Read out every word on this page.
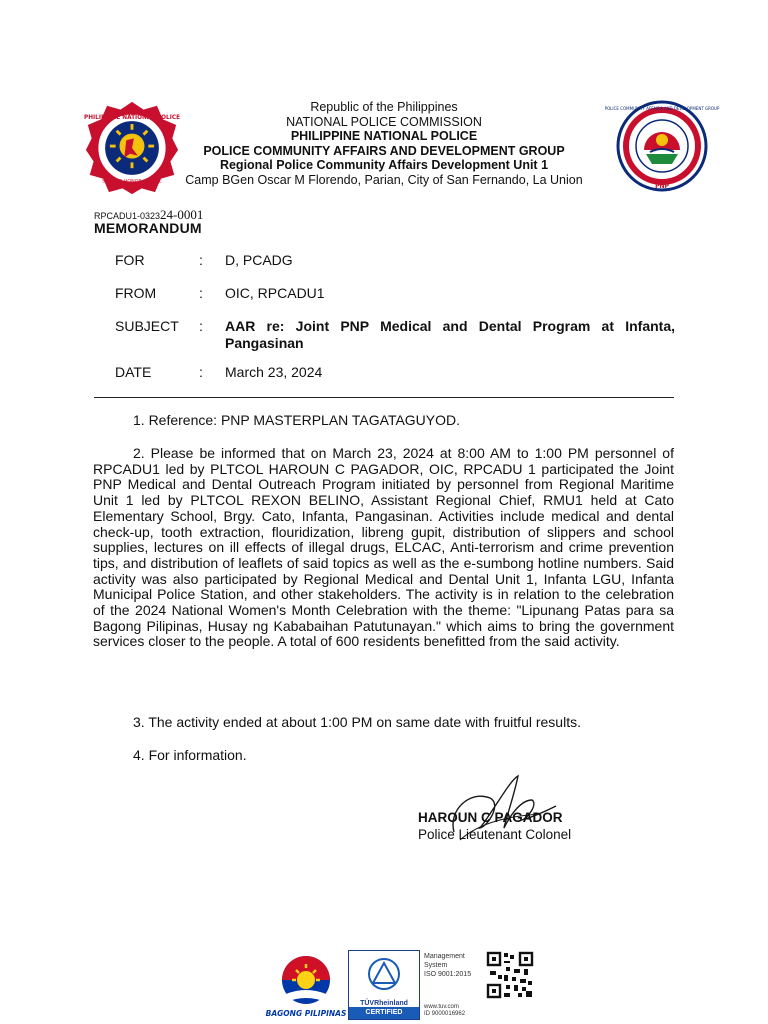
PHILIPPINE NATIONAL POLICE
SERVICE HONOR JUSTICE
Republic of the Philippines
NATIONAL POLICE COMMISSION
PHILIPPINE NATIONAL POLICE
POLICE COMMUNITY AFFAIRS AND DEVELOPMENT GROUP
Regional Police Community Affairs Development Unit 1
Camp BGen Oscar M Florendo, Parian, City of San Fernando, La Union	PNP
POLICE COMMUNITY AFFAIRS AND DEVELOPMENT GROUP
RPCADU1-032324-0001
MEMORANDUM
FOR	: D, PCADG
FROM	: OIC, RPCADU1
SUBJECT	: AAR re: Joint PNP Medical and Dental Program at Infanta, Pangasinan
DATE	: March 23, 2024
1. Reference: PNP MASTERPLAN TAGATAGUYOD.
2. Please be informed that on March 23, 2024 at 8:00 AM to 1:00 PM personnel of RPCADU1 led by PLTCOL HAROUN C PAGADOR, OIC, RPCADU 1 participated the Joint PNP Medical and Dental Outreach Program initiated by personnel from Regional Maritime Unit 1 led by PLTCOL REXON BELINO, Assistant Regional Chief, RMU1 held at Cato Elementary School, Brgy. Cato, Infanta, Pangasinan. Activities include medical and dental check-up, tooth extraction, flouridization, libreng gupit, distribution of slippers and school supplies, lectures on ill effects of illegal drugs, ELCAC, Anti-terrorism and crime prevention tips, and distribution of leaflets of said topics as well as the e-sumbong hotline numbers. Said activity was also participated by Regional Medical and Dental Unit 1, Infanta LGU, Infanta Municipal Police Station, and other stakeholders. The activity is in relation to the celebration of the 2024 National Women's Month Celebration with the theme: "Lipunang Patas para sa Bagong Pilipinas, Husay ng Kababaihan Patutunayan." which aims to bring the government services closer to the people. A total of 600 residents benefitted from the said activity.
3. The activity ended at about 1:00 PM on same date with fruitful results.
4. For information.
HAROUN C PAGADOR
Police Lieutenant Colonel
BAGONG PILIPINAS
TÜVRheinland
CERTIFIED
Management
System
ISO 9001:2015
www.tuv.com
ID 9000016962
